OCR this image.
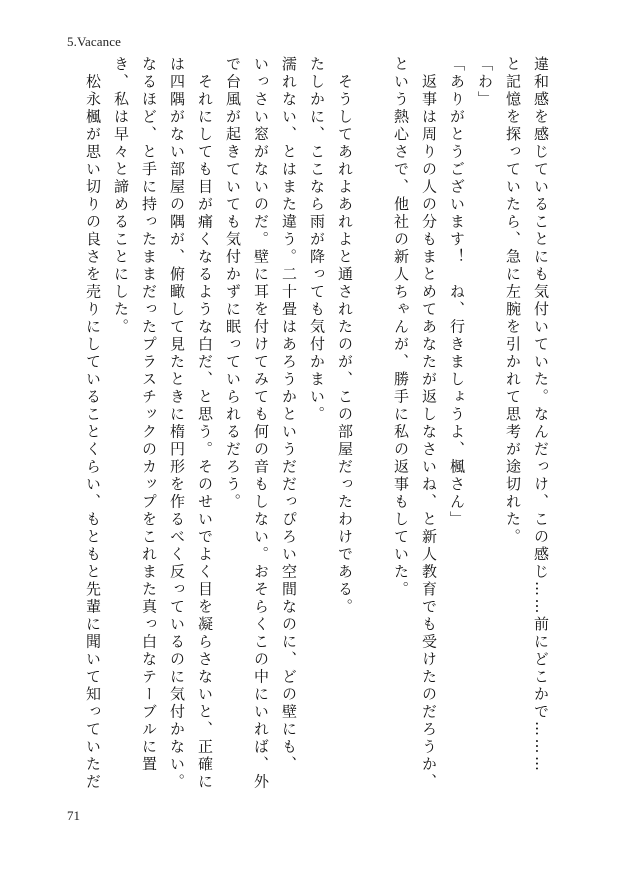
5.Vacance

違和感を感じていることにも気付いていた。なんだっけ、この感じ……前にどこかで………

と記憶を探っていたら、急に左腕を引かれて思考が途切れた。

「わ」

「ありがとうございます！　ね、行きましょうよ、楓さん」

　返事は周りの人の分もまとめてあなたが返しなさいね、と新人教育でも受けたのだろうか、

という熱心さで、他社の新人ちゃんが、勝手に私の返事もしていた。

　そうしてあれよあれよと通されたのが、この部屋だったわけである。

たしかに、ここなら雨が降っても気付かまい。

濡れない、とはまた違う。二十畳はあろうかというだだっぴろい空間なのに、どの壁にも、

いっさい窓がないのだ。壁に耳を付けてみても何の音もしない。おそらくこの中にいれば、外

で台風が起きていても気付かずに眠っていられるだろう。

　それにしても目が痛くなるような白だ、と思う。そのせいでよく目を凝らさないと、正確に

は四隅がない部屋の隅が、俯瞰して見たときに楕円形を作るべく反っているのに気付かない。

なるほど、と手に持ったままだったプラスチックのカップをこれまた真っ白なテーブルに置

き、私は早々と諦めることにした。

　松永楓が思い切りの良さを売りにしていることくらい、もともと先輩に聞いて知っていただ

71
